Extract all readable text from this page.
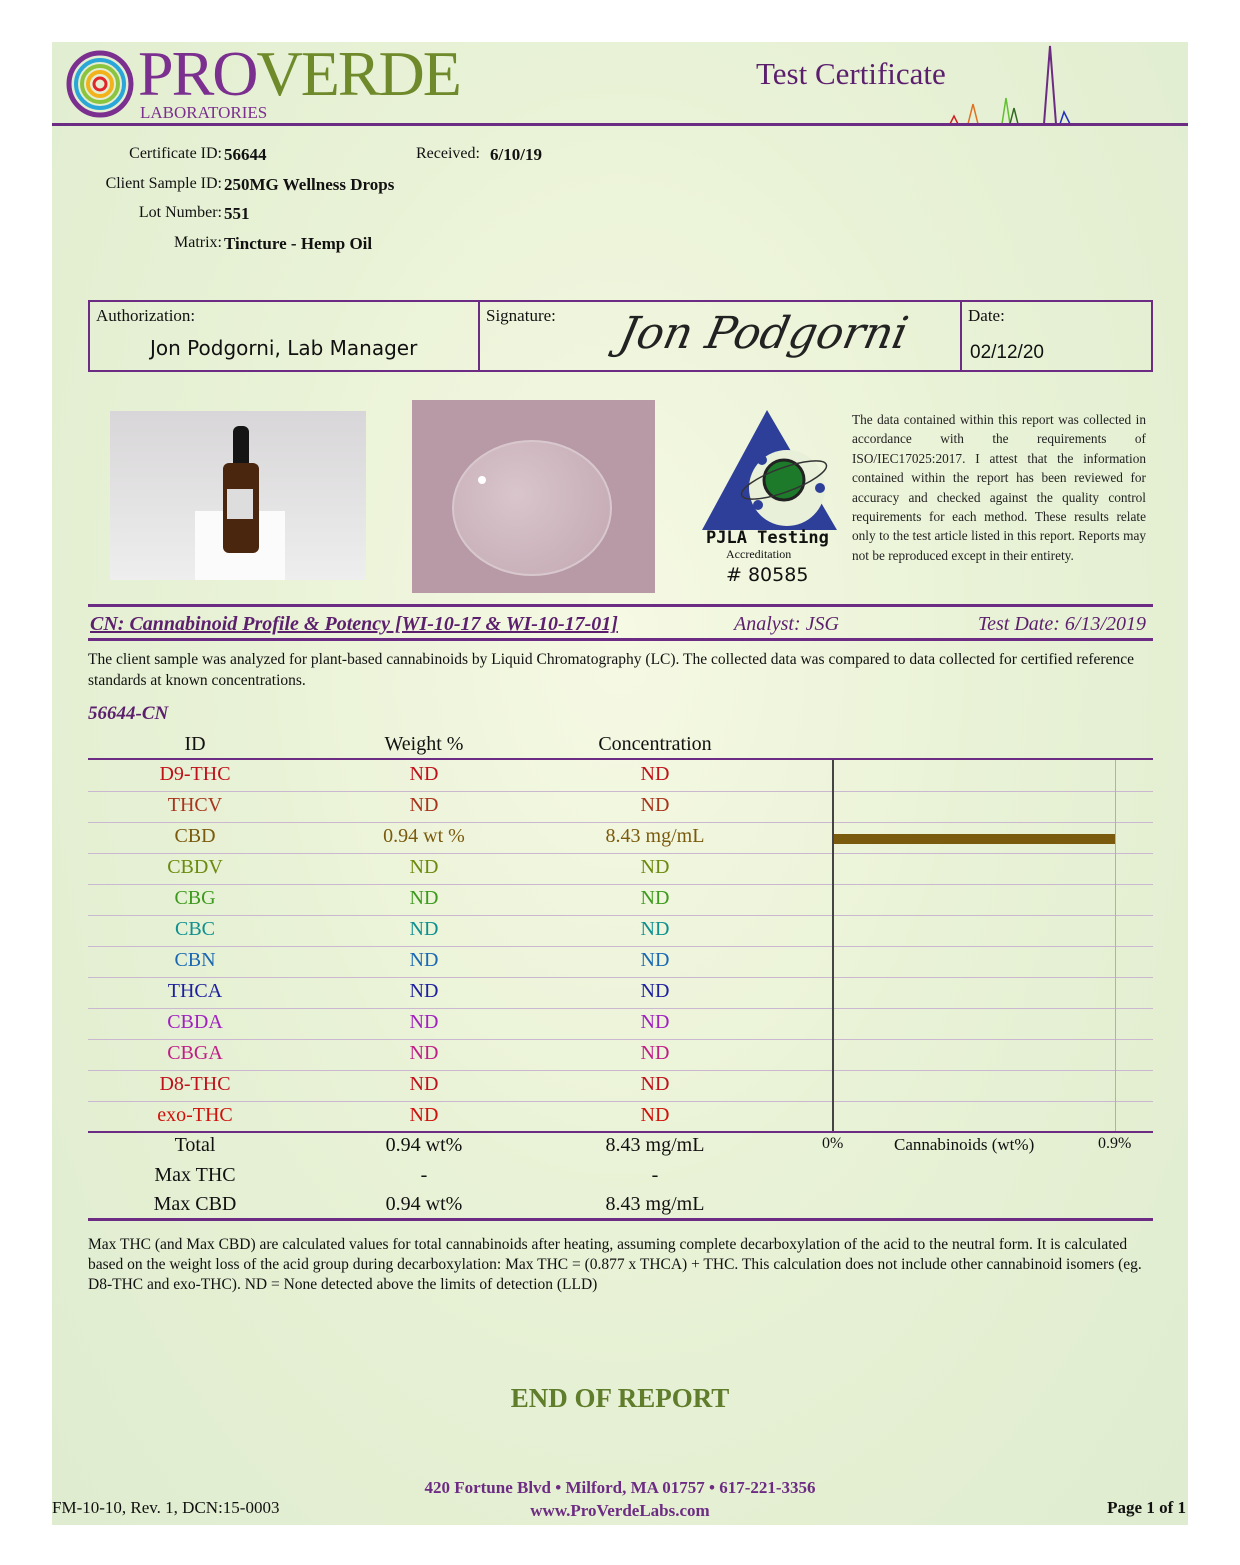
PRO VERDE
LABORATORIES
Test Certificate
Certificate ID: 56644	Received: 6/10/19
Client Sample ID: 250MG Wellness Drops
Lot Number: 551
Matrix: Tincture - Hemp Oil
Authorization:
Jon Podgorni, Lab Manager
Signature: Jon Podgorni	Date:
02/12/20
PJLA Testing
Accreditation
# 80585

The data contained within this report was collected in accordance with the requirements of ISO/IEC17025:2017. I attest that the information contained within the report has been reviewed for accuracy and checked against the quality control requirements for each method. These results relate only to the test article listed in this report. Reports may not be reproduced except in their entirety.

CN: Cannabinoid Profile & Potency [WI-10-17 & WI-10-17-01]	Analyst: JSG	Test Date: 6/13/2019

The client sample was analyzed for plant-based cannabinoids by Liquid Chromatography (LC). The collected data was compared to data collected for certified reference standards at known concentrations.

56644-CN
ID	Weight %	Concentration
D9-THC	ND	ND
THCV	ND	ND
CBD	0.94 wt %	8.43 mg/mL
CBDV	ND	ND
CBG	ND	ND
CBC	ND	ND
CBN	ND	ND
THCA	ND	ND
CBDA	ND	ND
CBGA	ND	ND
D8-THC	ND	ND
exo-THC	ND	ND
0%	Cannabinoids (wt%)	0.9%
Total	0.94 wt%	8.43 mg/mL
Max THC	-	-
Max CBD	0.94 wt%	8.43 mg/mL

Max THC (and Max CBD) are calculated values for total cannabinoids after heating, assuming complete decarboxylation of the acid to the neutral form. It is calculated based on the weight loss of the acid group during decarboxylation: Max THC = (0.877 x THCA) + THC. This calculation does not include other cannabinoid isomers (eg. D8-THC and exo-THC). ND = None detected above the limits of detection (LLD)

END OF REPORT
FM-10-10, Rev. 1, DCN:15-0003
420 Fortune Blvd • Milford, MA 01757 • 617-221-3356
www.ProVerdeLabs.com	Page 1 of 1
